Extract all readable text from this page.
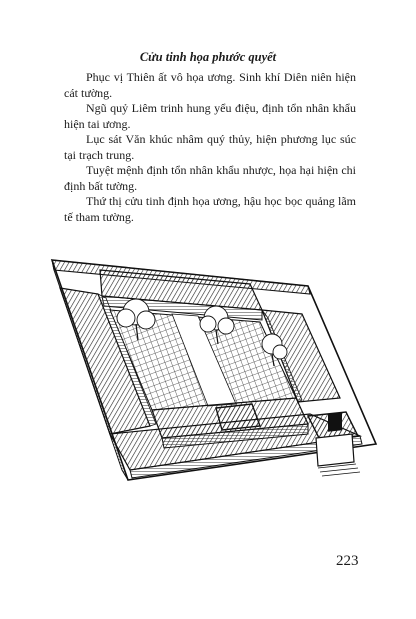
Cửu tinh họa phước quyết

Phục vị Thiên ất vô họa ương. Sinh khí Diên niên hiện cát tường.

Ngũ quỷ Liêm trinh hung yểu điệu, định tổn nhân khẩu hiện tai ương.

Lục sát Văn khúc nhâm quý thủy, hiện phương lục súc tại trạch trung.

Tuyệt mệnh định tổn nhân khẩu nhược, họa hại hiện chi định bất tường.

Thứ thị cửu tinh định họa ương, hậu học bọc quảng lãm tế tham tường.

223
